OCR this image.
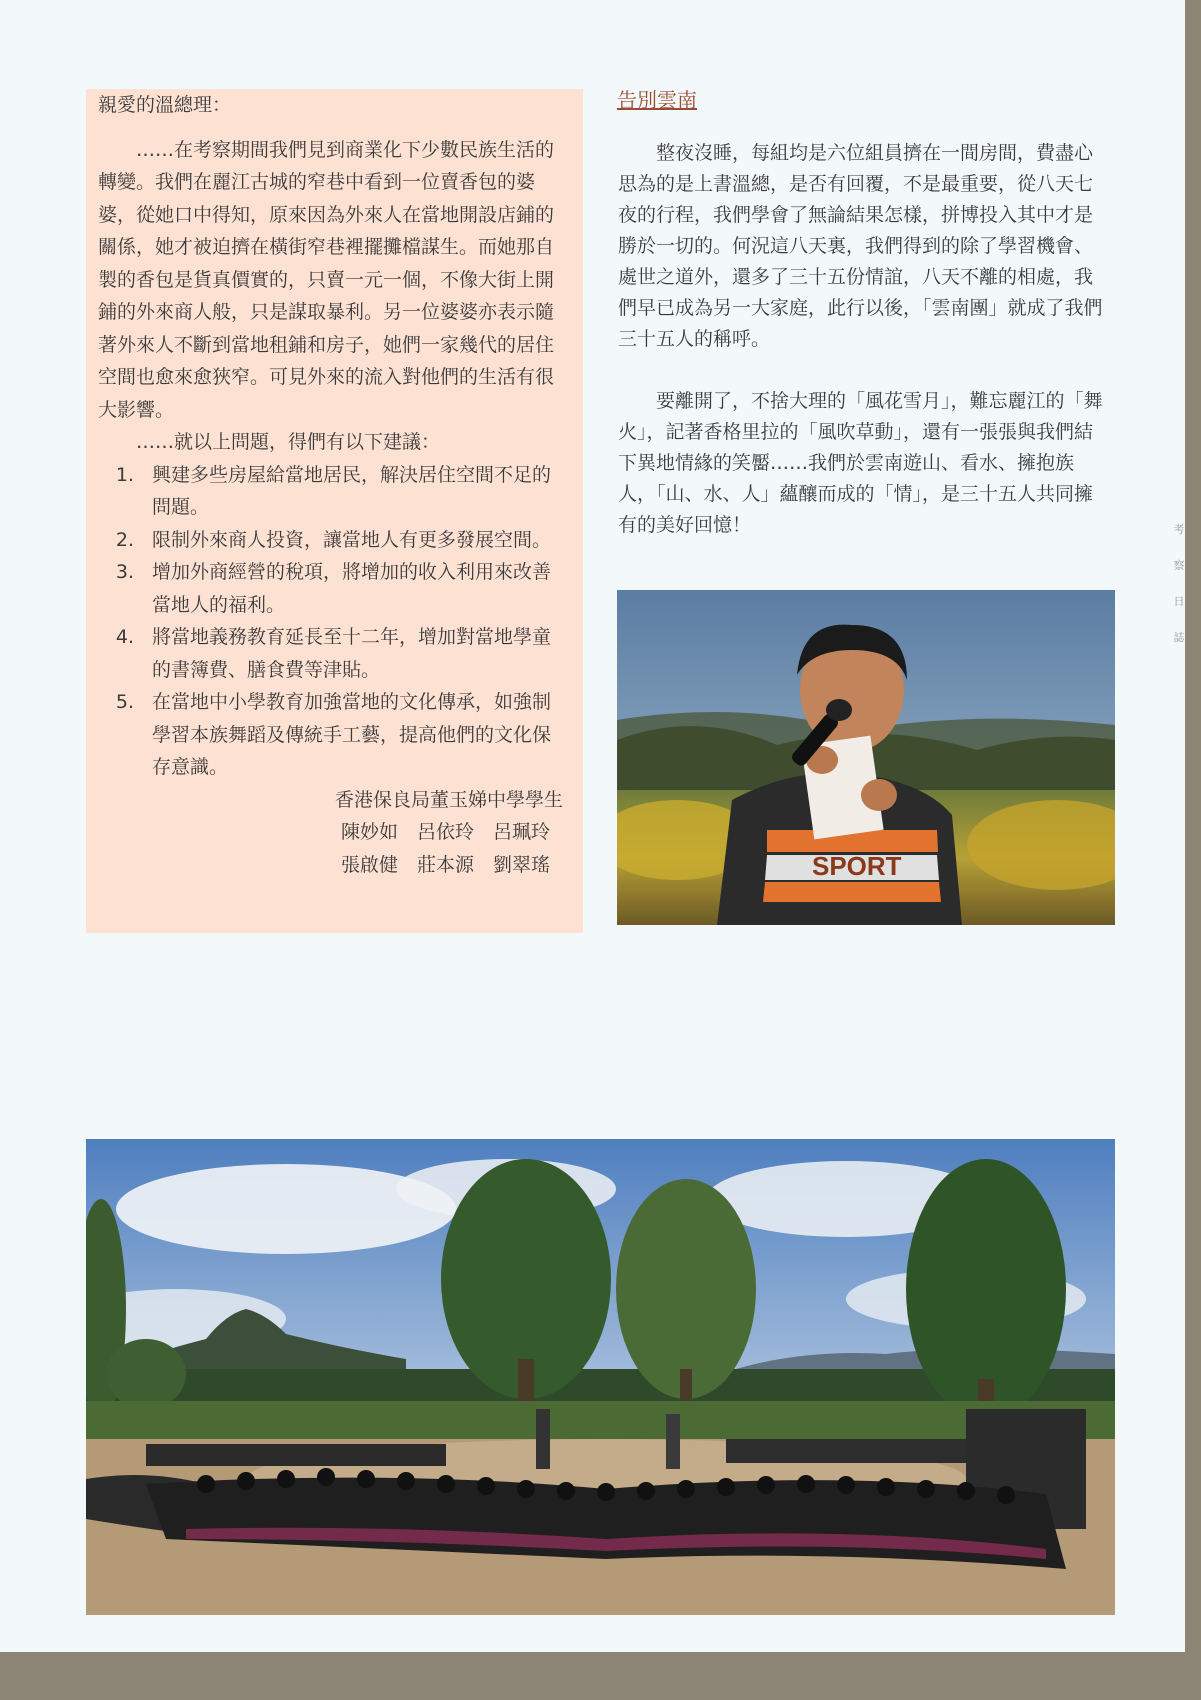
親愛的溫總理：

……在考察期間我們見到商業化下少數民族生活的轉變。我們在麗江古城的窄巷中看到一位賣香包的婆婆，從她口中得知，原來因為外來人在當地開設店鋪的關係，她才被迫擠在橫街窄巷裡擺攤檔謀生。而她那自製的香包是貨真價實的，只賣一元一個，不像大街上開鋪的外來商人般，只是謀取暴利。另一位婆婆亦表示隨著外來人不斷到當地租鋪和房子，她們一家幾代的居住空間也愈來愈狹窄。可見外來的流入對他們的生活有很大影響。

……就以上問題，得們有以下建議：

1. 興建多些房屋給當地居民，解決居住空間不足的問題。
2. 限制外來商人投資，讓當地人有更多發展空間。
3. 增加外商經營的稅項，將增加的收入利用來改善當地人的福利。
4. 將當地義務教育延長至十二年，增加對當地學童的書簿費、膳食費等津貼。
5. 在當地中小學教育加強當地的文化傳承，如強制學習本族舞蹈及傳統手工藝，提高他們的文化保存意識。
香港保良局董玉娣中學學生
陳妙如　呂依玲　呂珮玲
張啟健　莊本源　劉翠瑤
告別雲南

整夜沒睡，每組均是六位組員擠在一間房間，費盡心思為的是上書溫總，是否有回覆，不是最重要，從八天七夜的行程，我們學會了無論結果怎樣，拼博投入其中才是勝於一切的。何況這八天裏，我們得到的除了學習機會、處世之道外，還多了三十五份情誼，八天不離的相處，我們早已成為另一大家庭，此行以後，「雲南團」就成了我們三十五人的稱呼。

要離開了，不捨大理的「風花雪月」，難忘麗江的「舞火」，記著香格里拉的「風吹草動」，還有一張張與我們結下異地情緣的笑靨……我們於雲南遊山、看水、擁抱族人，「山、水、人」蘊釀而成的「情」，是三十五人共同擁有的美好回憶！	考
察
日
誌
SPORT
